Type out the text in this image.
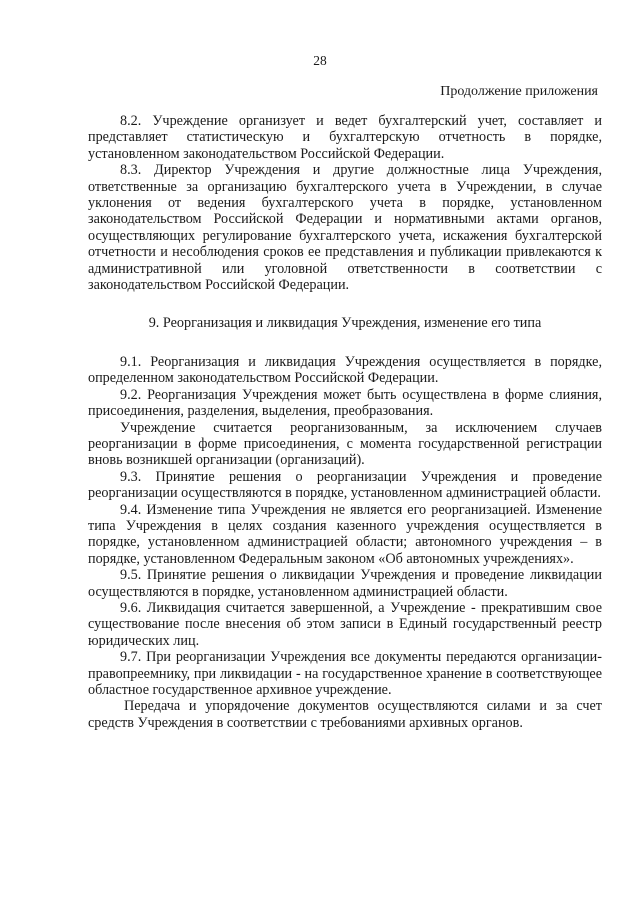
28
Продолжение приложения

8.2. Учреждение организует и ведет бухгалтерский учет, составляет и представляет статистическую и бухгалтерскую отчетность в порядке, установленном законодательством Российской Федерации.

8.3. Директор Учреждения и другие должностные лица Учреждения, ответственные за организацию бухгалтерского учета в Учреждении, в случае уклонения от ведения бухгалтерского учета в порядке, установленном законодательством Российской Федерации и нормативными актами органов, осуществляющих регулирование бухгалтерского учета, искажения бухгалтерской отчетности и несоблюдения сроков ее представления и публикации привлекаются к административной или уголовной ответственности в соответствии с законодательством Российской Федерации.

9. Реорганизация и ликвидация Учреждения, изменение его типа

9.1. Реорганизация и ликвидация Учреждения осуществляется в порядке, определенном законодательством Российской Федерации.

9.2. Реорганизация Учреждения может быть осуществлена в форме слияния, присоединения, разделения, выделения, преобразования.

Учреждение считается реорганизованным, за исключением случаев реорганизации в форме присоединения, с момента государственной регистрации вновь возникшей организации (организаций).

9.3. Принятие решения о реорганизации Учреждения и проведение реорганизации осуществляются в порядке, установленном администрацией области.

9.4. Изменение типа Учреждения не является его реорганизацией. Изменение типа Учреждения в целях создания казенного учреждения осуществляется в порядке, установленном администрацией области; автономного учреждения – в порядке, установленном Федеральным законом «Об автономных учреждениях».

9.5. Принятие решения о ликвидации Учреждения и проведение ликвидации осуществляются в порядке, установленном администрацией области.

9.6. Ликвидация считается завершенной, а Учреждение - прекратившим свое существование после внесения об этом записи в Единый государственный реестр юридических лиц.

9.7. При реорганизации Учреждения все документы передаются организации-правопреемнику, при ликвидации - на государственное хранение в соответствующее областное государственное архивное учреждение.

Передача и упорядочение документов осуществляются силами и за счет средств Учреждения в соответствии с требованиями архивных органов.
